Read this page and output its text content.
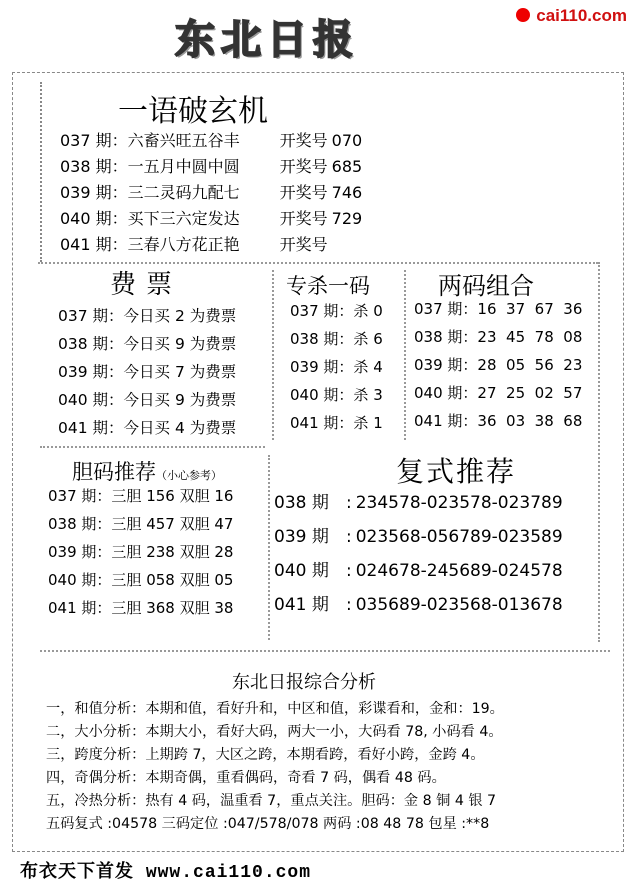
cai110.com
东北日报
一语破玄机
037 期：六畜兴旺五谷丰 开奖号 070
038 期：一五月中圆中圆 开奖号 685
039 期：三二灵码九配七 开奖号 746
040 期：买下三六定发达 开奖号 729
041 期：三春八方花正艳 开奖号
费票
037 期：今日买 2 为费票
038 期：今日买 9 为费票
039 期：今日买 7 为费票
040 期：今日买 9 为费票
041 期：今日买 4 为费票
专杀一码
037 期：杀 0
038 期：杀 6
039 期：杀 4
040 期：杀 3
041 期：杀 1
两码组合
037 期：16  37  67  36
038 期：23  45  78  08
039 期：28  05  56  23
040 期：27  25  02  57
041 期：36  03  38  68
胆码推荐（小心参考）
037 期：三胆 156 双胆 16
038 期：三胆 457 双胆 47
039 期：三胆 238 双胆 28
040 期：三胆 058 双胆 05
041 期：三胆 368 双胆 38
复式推荐
038 期 : 234578-023578-023789
039 期 : 023568-056789-023589
040 期 : 024678-245689-024578
041 期 : 035689-023568-013678
东北日报综合分析
一，和值分析：本期和值，看好升和，中区和值，彩谍看和，金和：19。
二，大小分析：本期大小，看好大码，两大一小，大码看 78, 小码看 4。
三，跨度分析：上期跨 7，大区之跨，本期看跨，看好小跨，金跨 4。
四，奇偶分析：本期奇偶，重看偶码，奇看 7 码，偶看 48 码。
五，冷热分析：热有 4 码，温重看 7，重点关注。胆码：金 8 铜 4 银 7
五码复式 :04578 三码定位 :047/578/078 两码 :08 48 78 包星 :**8
布衣天下首发 www.cai110.com
